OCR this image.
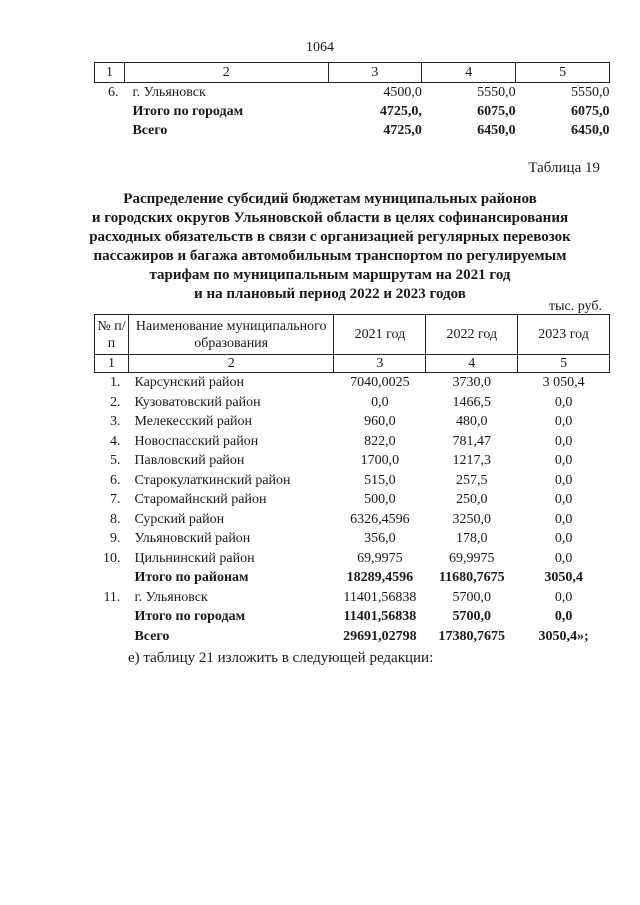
1064
1	2	3	4	5
6.	г. Ульяновск	4500,0	5550,0	5550,0
	Итого по городам	4725,0,	6075,0	6075,0
	Всего	4725,0	6450,0	6450,0
Таблица 19
Распределение субсидий бюджетам муниципальных районов
и городских округов Ульяновской области в целях софинансирования
расходных обязательств в связи с организацией регулярных перевозок
пассажиров и багажа автомобильным транспортом по регулируемым
тарифам по муниципальным маршрутам на 2021 год
и на плановый период 2022 и 2023 годов
тыс. руб.
№ п/п	Наименование муниципального образования	2021 год	2022 год	2023 год
1	2	3	4	5
1.	Карсунский район	7040,0025	3730,0	3 050,4
2.	Кузоватовский район	0,0	1466,5	0,0
3.	Мелекесский район	960,0	480,0	0,0
4.	Новоспасский район	822,0	781,47	0,0
5.	Павловский район	1700,0	1217,3	0,0
6.	Старокулаткинский район	515,0	257,5	0,0
7.	Старомайнский район	500,0	250,0	0,0
8.	Сурский район	6326,4596	3250,0	0,0
9.	Ульяновский район	356,0	178,0	0,0
10.	Цильнинский район	69,9975	69,9975	0,0
	Итого по районам	18289,4596	11680,7675	3050,4
11.	г. Ульяновск	11401,56838	5700,0	0,0
	Итого по городам	11401,56838	5700,0	0,0
	Всего	29691,02798	17380,7675	3050,4»;
е) таблицу 21 изложить в следующей редакции:
